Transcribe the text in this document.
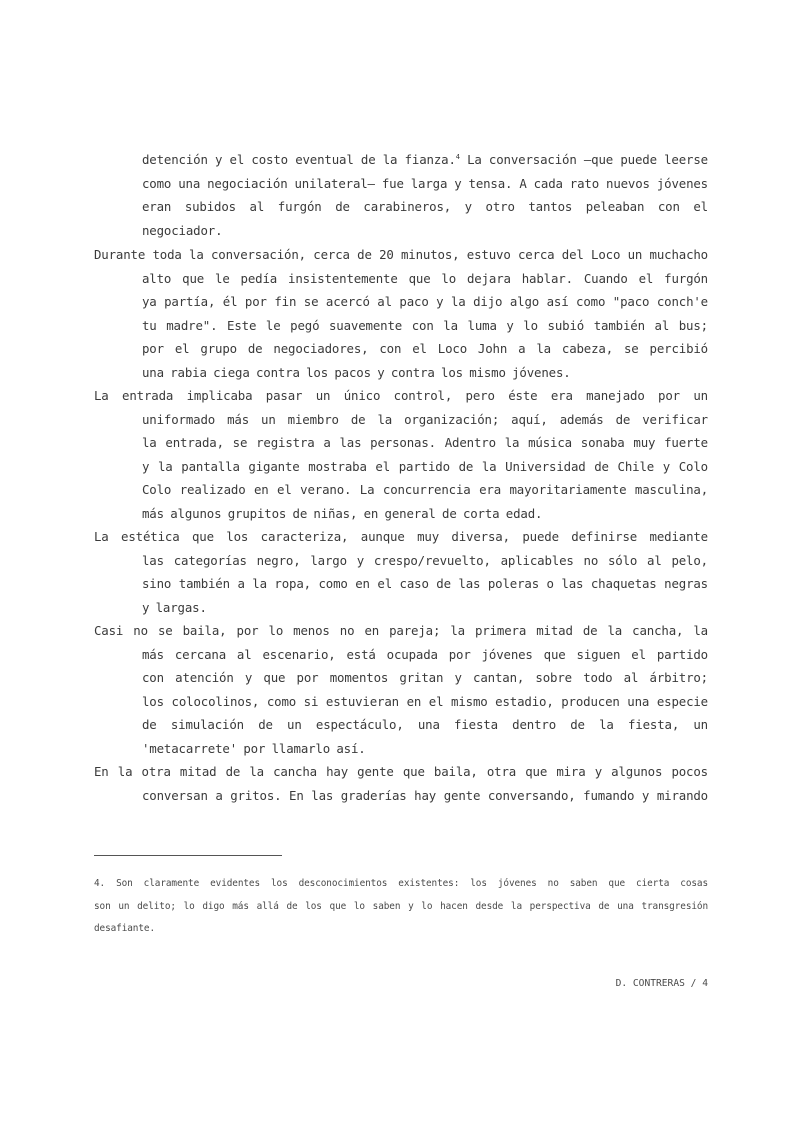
detención y el costo eventual de la fianza.$^4$ La conversación —que puede leerse
como una negociación unilateral— fue larga y tensa. A cada rato nuevos jóvenes
eran subidos al furgón de carabineros, y otro tantos peleaban con el
negociador.
Durante toda la conversación, cerca de 20 minutos, estuvo cerca del Loco un muchacho
alto que le pedía insistentemente que lo dejara hablar. Cuando el furgón
ya partía, él por fin se acercó al paco y la dijo algo así como "paco conch'e
tu madre". Este le pegó suavemente con la luma y lo subió también al bus;
por el grupo de negociadores, con el Loco John a la cabeza, se percibió
una rabia ciega contra los pacos y contra los mismo jóvenes.
La entrada implicaba pasar un único control, pero éste era manejado por un
uniformado más un miembro de la organización; aquí, además de verificar
la entrada, se registra a las personas. Adentro la música sonaba muy fuerte
y la pantalla gigante mostraba el partido de la Universidad de Chile y Colo
Colo realizado en el verano. La concurrencia era mayoritariamente masculina,
más algunos grupitos de niñas, en general de corta edad.
La estética que los caracteriza, aunque muy diversa, puede definirse mediante
las categorías negro, largo y crespo/revuelto, aplicables no sólo al pelo,
sino también a la ropa, como en el caso de las poleras o las chaquetas negras
y largas.
Casi no se baila, por lo menos no en pareja; la primera mitad de la cancha, la
más cercana al escenario, está ocupada por jóvenes que siguen el partido
con atención y que por momentos gritan y cantan, sobre todo al árbitro;
los colocolinos, como si estuvieran en el mismo estadio, producen una especie
de simulación de un espectáculo, una fiesta dentro de la fiesta, un
'metacarrete' por llamarlo así.
En la otra mitad de la cancha hay gente que baila, otra que mira y algunos pocos
conversan a gritos. En las graderías hay gente conversando, fumando y mirando
4. Son claramente evidentes los desconocimientos existentes: los jóvenes no saben que cierta cosas
son un delito; lo digo más allá de los que lo saben y lo hacen desde la perspectiva de una transgresión
desafiante.
D. CONTRERAS / 4
